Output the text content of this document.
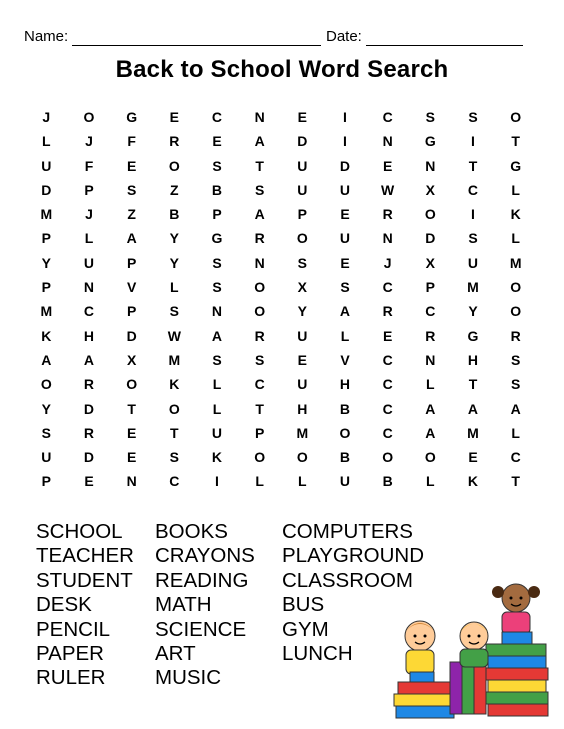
Name:	Date:
Back to School Word Search
J	O	G	E	C	N	E	I	C	S	S	O
L	J	F	R	E	A	D	I	N	G	I	T
U	F	E	O	S	T	U	D	E	N	T	G
D	P	S	Z	B	S	U	U	W	X	C	L
M	J	Z	B	P	A	P	E	R	O	I	K
P	L	A	Y	G	R	O	U	N	D	S	L
Y	U	P	Y	S	N	S	E	J	X	U	M
P	N	V	L	S	O	X	S	C	P	M	O
M	C	P	S	N	O	Y	A	R	C	Y	O
K	H	D	W	A	R	U	L	E	R	G	R
A	A	X	M	S	S	E	V	C	N	H	S
O	R	O	K	L	C	U	H	C	L	T	S
Y	D	T	O	L	T	H	B	C	A	A	A
S	R	E	T	U	P	M	O	C	A	M	L
U	D	E	S	K	O	O	B	O	O	E	C
P	E	N	C	I	L	L	U	B	L	K	T
SCHOOL
TEACHER
STUDENT
DESK
PENCIL
PAPER
RULER
BOOKS
CRAYONS
READING
MATH
SCIENCE
ART
MUSIC
COMPUTERS
PLAYGROUND
CLASSROOM
BUS
GYM
LUNCH
